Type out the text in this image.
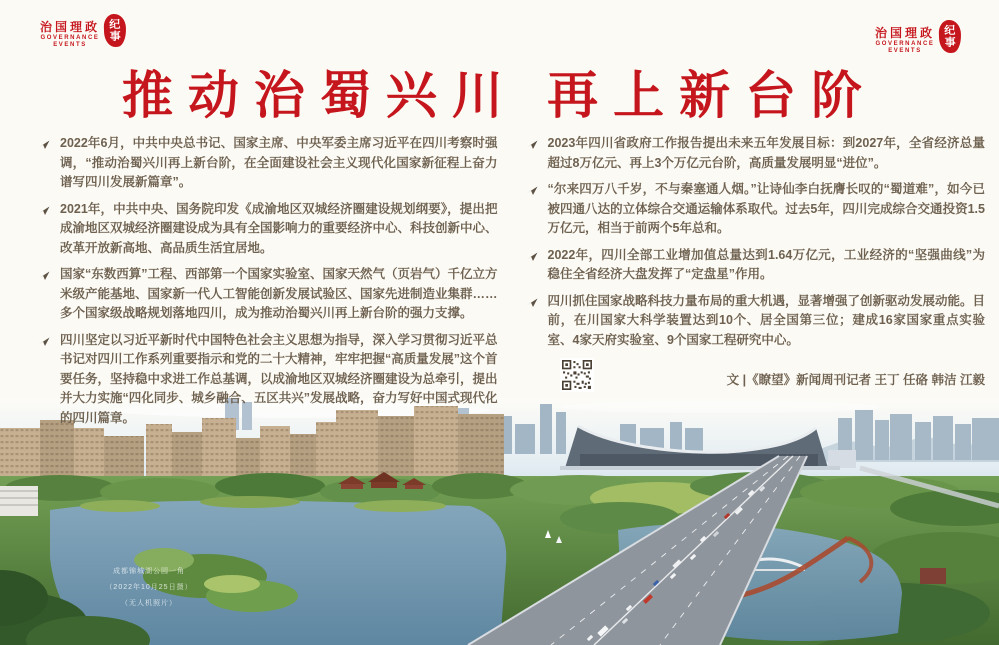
治国理政
GOVERNANCE
EVENTS
纪事	治国理政
GOVERNANCE
EVENTS
纪事
推动治蜀兴川 再上新台阶

2022年6月，中共中央总书记、国家主席、中央军委主席习近平在四川考察时强调，“推动治蜀兴川再上新台阶，在全面建设社会主义现代化国家新征程上奋力谱写四川发展新篇章”。

2021年，中共中央、国务院印发《成渝地区双城经济圈建设规划纲要》，提出把成渝地区双城经济圈建设成为具有全国影响力的重要经济中心、科技创新中心、改革开放新高地、高品质生活宜居地。

国家“东数西算”工程、西部第一个国家实验室、国家天然气（页岩气）千亿立方米级产能基地、国家新一代人工智能创新发展试验区、国家先进制造业集群……多个国家级战略规划落地四川，成为推动治蜀兴川再上新台阶的强力支撑。

四川坚定以习近平新时代中国特色社会主义思想为指导，深入学习贯彻习近平总书记对四川工作系列重要指示和党的二十大精神，牢牢把握“高质量发展”这个首要任务，坚持稳中求进工作总基调，以成渝地区双城经济圈建设为总牵引，提出并大力实施“四化同步、城乡融合、五区共兴”发展战略，奋力写好中国式现代化的四川篇章。

2023年四川省政府工作报告提出未来五年发展目标：到2027年，全省经济总量超过8万亿元、再上3个万亿元台阶，高质量发展明显“进位”。

“尔来四万八千岁，不与秦塞通人烟。”让诗仙李白抚膺长叹的“蜀道难”，如今已被四通八达的立体综合交通运输体系取代。过去5年，四川完成综合交通投资1.5万亿元，相当于前两个5年总和。

2022年，四川全部工业增加值总量达到1.64万亿元，工业经济的“坚强曲线”为稳住全省经济大盘发挥了“定盘星”作用。

四川抓住国家战略科技力量布局的重大机遇，显著增强了创新驱动发展动能。目前，在川国家大科学装置达到10个、居全国第三位；建成16家国家重点实验室、4家天府实验室、9个国家工程研究中心。

文 |《瞭望》新闻周刊记者 王丁 任硌 韩洁 江毅
成都锦城湖公园一角
（2022年10月25日摄）
（无人机照片）
